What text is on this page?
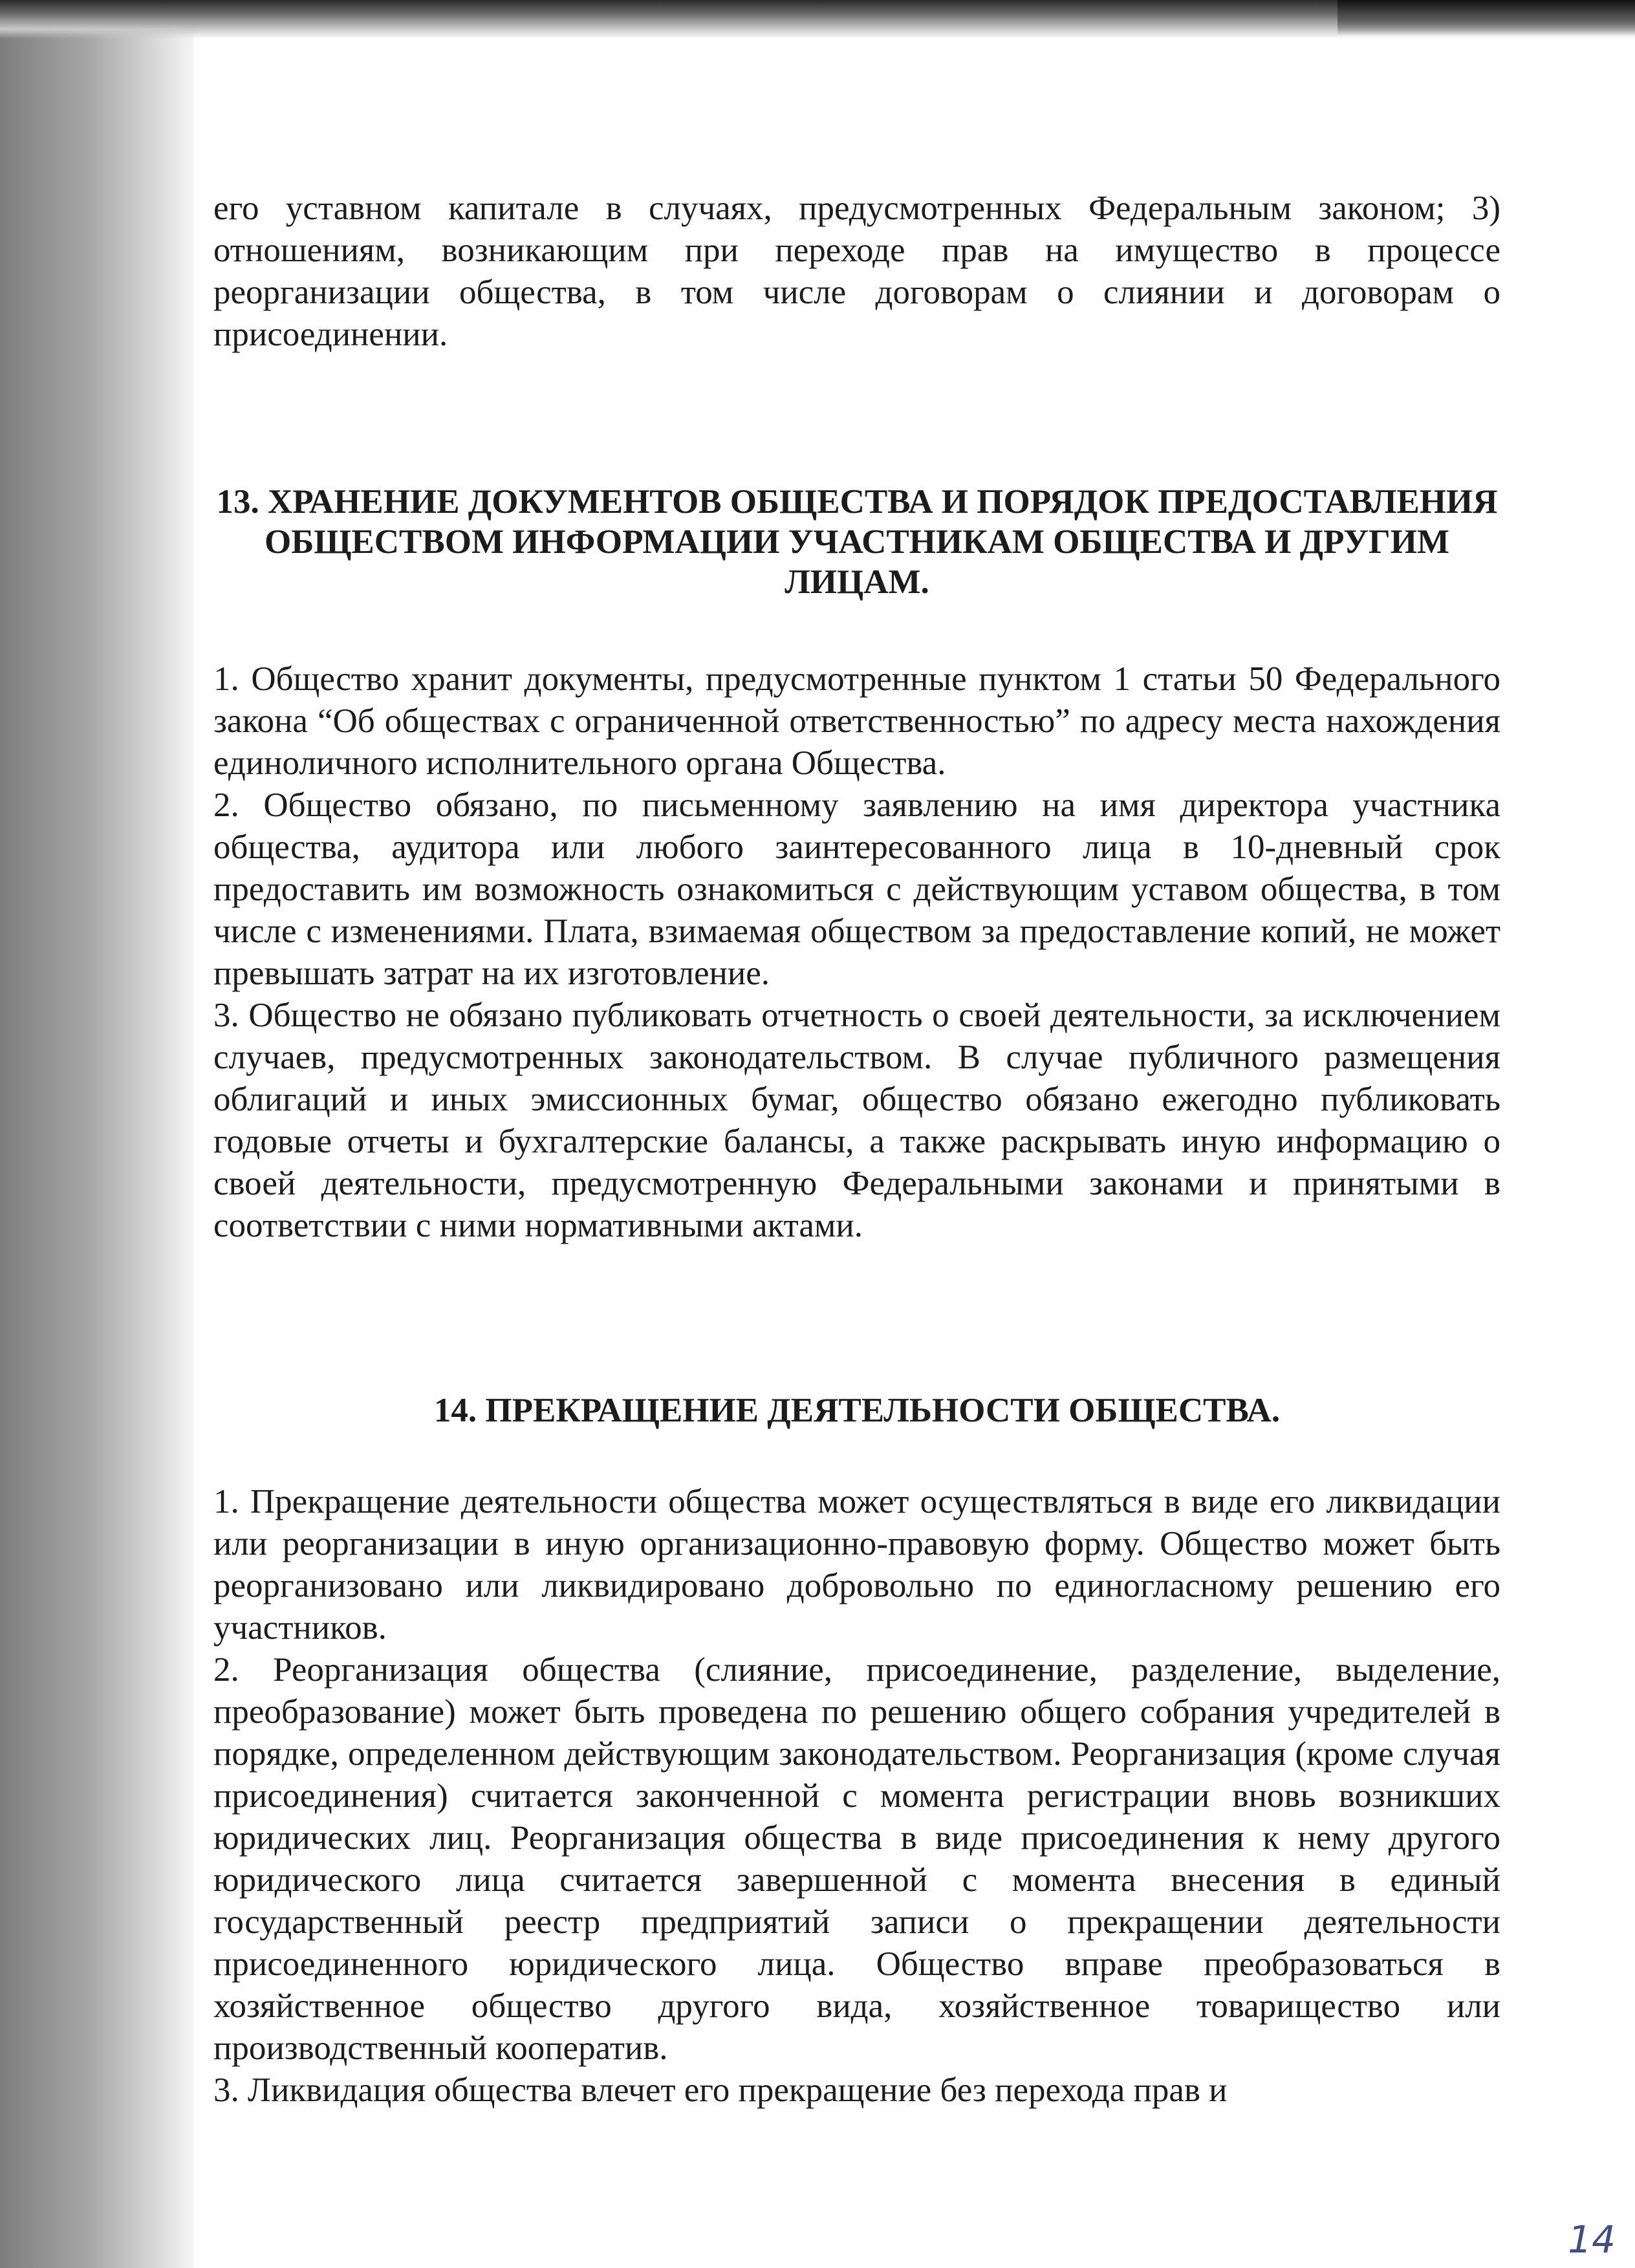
его уставном капитале в случаях, предусмотренных Федеральным законом; 3) отношениям, возникающим при переходе прав на имущество в процессе реорганизации общества, в том числе договорам о слиянии и договорам о присоединении.

13. ХРАНЕНИЕ ДОКУМЕНТОВ ОБЩЕСТВА И ПОРЯДОК ПРЕДОСТАВЛЕНИЯ ОБЩЕСТВОМ ИНФОРМАЦИИ УЧАСТНИКАМ ОБЩЕСТВА И ДРУГИМ ЛИЦАМ.

1. Общество хранит документы, предусмотренные пунктом 1 статьи 50 Федерального закона “Об обществах с ограниченной ответственностью” по адресу места нахождения единоличного исполнительного органа Общества.

2. Общество обязано, по письменному заявлению на имя директора участника общества, аудитора или любого заинтересованного лица в 10-дневный срок предоставить им возможность ознакомиться с действующим уставом общества, в том числе с изменениями. Плата, взимаемая обществом за предоставление копий, не может превышать затрат на их изготовление.

3. Общество не обязано публиковать отчетность о своей деятельности, за исключением случаев, предусмотренных законодательством. В случае публичного размещения облигаций и иных эмиссионных бумаг, общество обязано ежегодно публиковать годовые отчеты и бухгалтерские балансы, а также раскрывать иную информацию о своей деятельности, предусмотренную Федеральными законами и принятыми в соответствии с ними нормативными актами.

14. ПРЕКРАЩЕНИЕ ДЕЯТЕЛЬНОСТИ ОБЩЕСТВА.

1. Прекращение деятельности общества может осуществляться в виде его ликвидации или реорганизации в иную организационно-правовую форму. Общество может быть реорганизовано или ликвидировано добровольно по единогласному решению его участников.

2. Реорганизация общества (слияние, присоединение, разделение, выделение, преобразование) может быть проведена по решению общего собрания учредителей в порядке, определенном действующим законодательством. Реорганизация (кроме случая присоединения) считается законченной с момента регистрации вновь возникших юридических лиц. Реорганизация общества в виде присоединения к нему другого юридического лица считается завершенной с момента внесения в единый государственный реестр предприятий записи о прекращении деятельности присоединенного юридического лица. Общество вправе преобразоваться в хозяйственное общество другого вида, хозяйственное товарищество или производственный кооператив.

3. Ликвидация общества влечет его прекращение без перехода прав и

14
